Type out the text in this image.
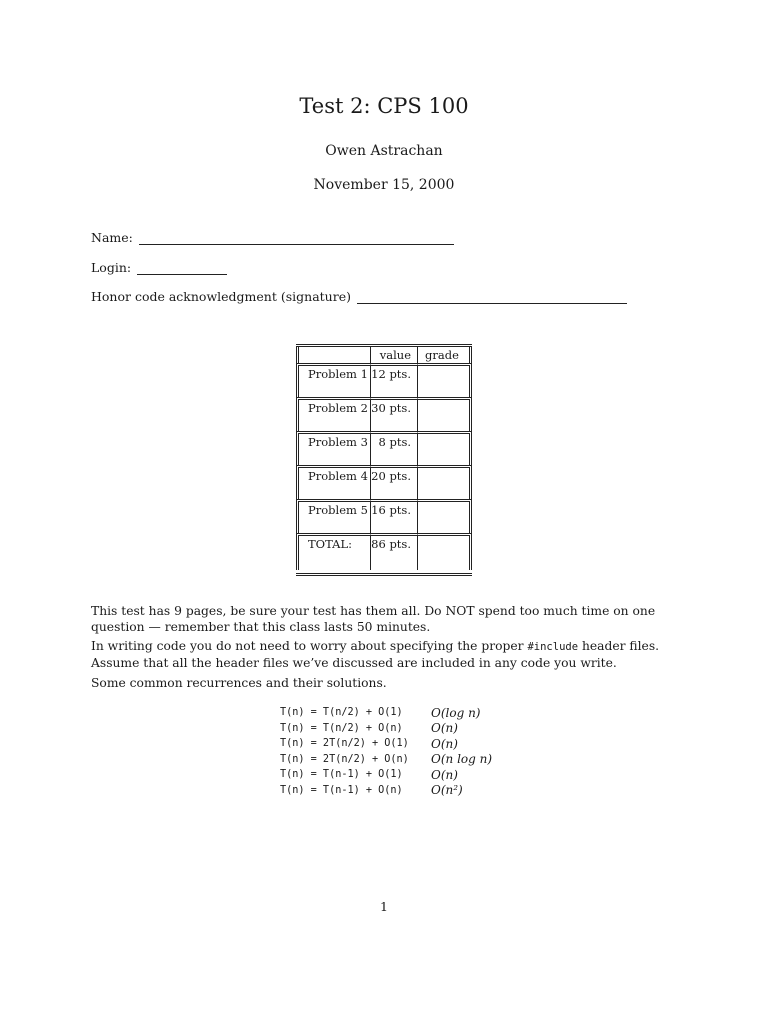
Test 2: CPS 100
Owen Astrachan
November 15, 2000
Name:
Login:
Honor code acknowledgment (signature)
value grade
Problem 1 12 pts.
Problem 2 30 pts.
Problem 3 8 pts.
Problem 4 20 pts.
Problem 5 16 pts.
TOTAL: 86 pts.
This test has 9 pages, be sure your test has them all. Do NOT spend too much time on one question — remember that this class lasts 50 minutes.
In writing code you do not need to worry about specifying the proper #include header files. Assume that all the header files we’ve discussed are included in any code you write.
Some common recurrences and their solutions.
T(n) = T(n/2) + O(1)	O(log n)
T(n) = T(n/2) + O(n)	O(n)
T(n) = 2T(n/2) + O(1)	O(n)
T(n) = 2T(n/2) + O(n)	O(n log n)
T(n) = T(n-1) + O(1)	O(n)
T(n) = T(n-1) + O(n)	O(n²)
1
